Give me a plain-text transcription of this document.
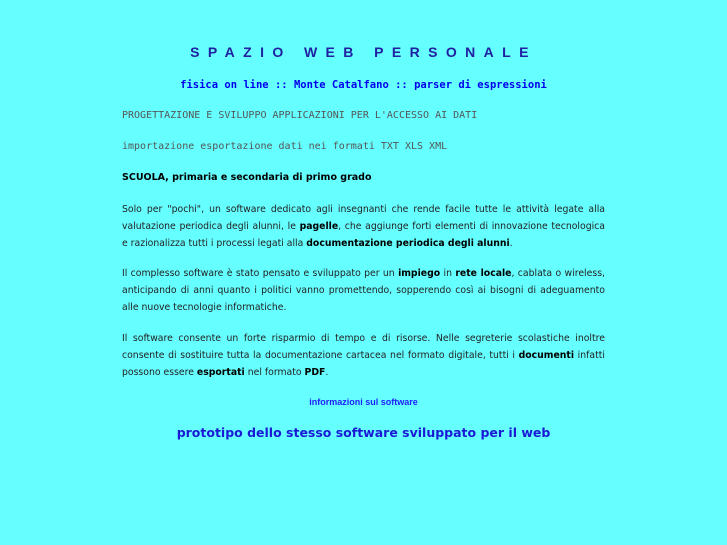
SPAZIO WEB PERSONALE
fisica on line :: Monte Catalfano :: parser di espressioni
PROGETTAZIONE E SVILUPPO APPLICAZIONI PER L'ACCESSO AI DATI
importazione esportazione dati nei formati TXT XLS XML
SCUOLA, primaria e secondaria di primo grado
Solo per "pochi", un software dedicato agli insegnanti che rende facile tutte le attività legate alla valutazione periodica degli alunni, le pagelle, che aggiunge forti elementi di innovazione tecnologica e razionalizza tutti i processi legati alla documentazione periodica degli alunni.
Il complesso software è stato pensato e sviluppato per un impiego in rete locale, cablata o wireless, anticipando di anni quanto i politici vanno promettendo, sopperendo così ai bisogni di adeguamento alle nuove tecnologie informatiche.
Il software consente un forte risparmio di tempo e di risorse. Nelle segreterie scolastiche inoltre consente di sostituire tutta la documentazione cartacea nel formato digitale, tutti i documenti infatti possono essere esportati nel formato PDF.
informazioni sul software
prototipo dello stesso software sviluppato per il web
